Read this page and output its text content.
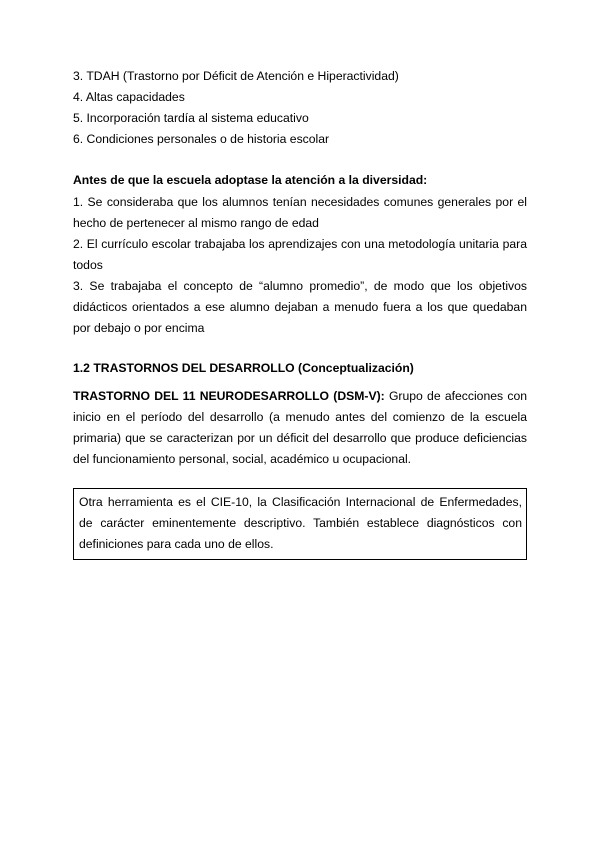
3. TDAH (Trastorno por Déficit de Atención e Hiperactividad)
4. Altas capacidades
5. Incorporación tardía al sistema educativo
6. Condiciones personales o de historia escolar
Antes de que la escuela adoptase la atención a la diversidad:

1. Se consideraba que los alumnos tenían necesidades comunes generales por el hecho de pertenecer al mismo rango de edad

2. El currículo escolar trabajaba los aprendizajes con una metodología unitaria para todos

3. Se trabajaba el concepto de “alumno promedio”, de modo que los objetivos didácticos orientados a ese alumno dejaban a menudo fuera a los que quedaban por debajo o por encima

1.2 TRASTORNOS DEL DESARROLLO (Conceptualización)

TRASTORNO DEL 11 NEURODESARROLLO (DSM-V): Grupo de afecciones con inicio en el período del desarrollo (a menudo antes del comienzo de la escuela primaria) que se caracterizan por un déficit del desarrollo que produce deficiencias del funcionamiento personal, social, académico u ocupacional.

Otra herramienta es el CIE-10, la Clasificación Internacional de Enfermedades, de carácter eminentemente descriptivo. También establece diagnósticos con definiciones para cada uno de ellos.
